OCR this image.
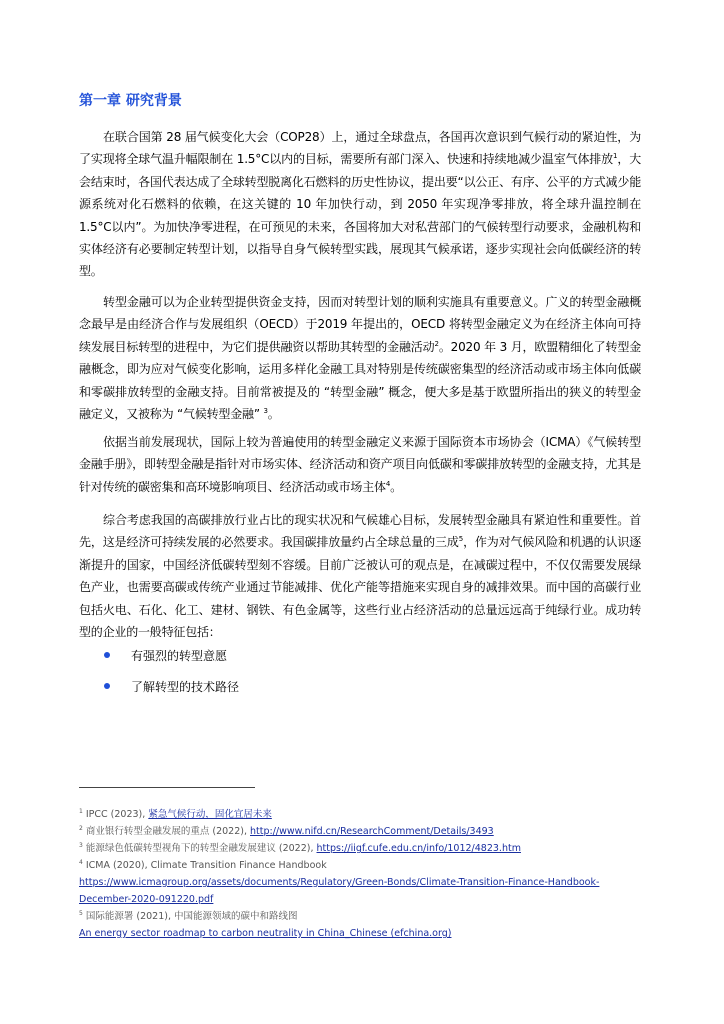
第一章 研究背景

在联合国第 28 届气候变化大会（COP28）上，通过全球盘点，各国再次意识到气候行动的紧迫性，为了实现将全球气温升幅限制在 1.5°C以内的目标，需要所有部门深入、快速和持续地减少温室气体排放$^1$，大会结束时，各国代表达成了全球转型脱离化石燃料的历史性协议，提出要“以公正、有序、公平的方式减少能源系统对化石燃料的依赖，在这关键的 10 年加快行动，到 2050 年实现净零排放，将全球升温控制在 1.5°C以内”。为加快净零进程，在可预见的未来，各国将加大对私营部门的气候转型行动要求，金融机构和实体经济有必要制定转型计划，以指导自身气候转型实践，展现其气候承诺，逐步实现社会向低碳经济的转型。

转型金融可以为企业转型提供资金支持，因而对转型计划的顺利实施具有重要意义。广义的转型金融概念最早是由经济合作与发展组织（OECD）于2019 年提出的，OECD 将转型金融定义为在经济主体向可持续发展目标转型的进程中，为它们提供融资以帮助其转型的金融活动$^2$。2020 年 3 月，欧盟精细化了转型金融概念，即为应对气候变化影响，运用多样化金融工具对特别是传统碳密集型的经济活动或市场主体向低碳和零碳排放转型的金融支持。目前常被提及的 “转型金融” 概念，便大多是基于欧盟所指出的狭义的转型金融定义，又被称为 “气候转型金融” $^3$。

依据当前发展现状，国际上较为普遍使用的转型金融定义来源于国际资本市场协会（ICMA）《气候转型金融手册》，即转型金融是指针对市场实体、经济活动和资产项目向低碳和零碳排放转型的金融支持，尤其是针对传统的碳密集和高环境影响项目、经济活动或市场主体$^4$。

综合考虑我国的高碳排放行业占比的现实状况和气候雄心目标，发展转型金融具有紧迫性和重要性。首先，这是经济可持续发展的必然要求。我国碳排放量约占全球总量的三成$^5$，作为对气候风险和机遇的认识逐渐提升的国家，中国经济低碳转型刻不容缓。目前广泛被认可的观点是，在减碳过程中，不仅仅需要发展绿色产业，也需要高碳或传统产业通过节能减排、优化产能等措施来实现自身的减排效果。而中国的高碳行业包括火电、石化、化工、建材、钢铁、有色金属等，这些行业占经济活动的总量远远高于纯绿行业。成功转型的企业的一般特征包括：

有强烈的转型意愿
了解转型的技术路径

$^1$ IPCC (2023), 紧急气候行动，固化宜居未来

$^2$ 商业银行转型金融发展的重点 (2022), http://www.nifd.cn/ResearchComment/Details/3493

$^3$ 能源绿色低碳转型视角下的转型金融发展建议 (2022), https://iigf.cufe.edu.cn/info/1012/4823.htm

$^4$ ICMA (2020), Climate Transition Finance Handbook

https://www.icmagroup.org/assets/documents/Regulatory/Green-Bonds/Climate-Transition-Finance-Handbook-

December-2020-091220.pdf

$^5$ 国际能源署 (2021), 中国能源领域的碳中和路线图

An energy sector roadmap to carbon neutrality in China_Chinese (efchina.org)
